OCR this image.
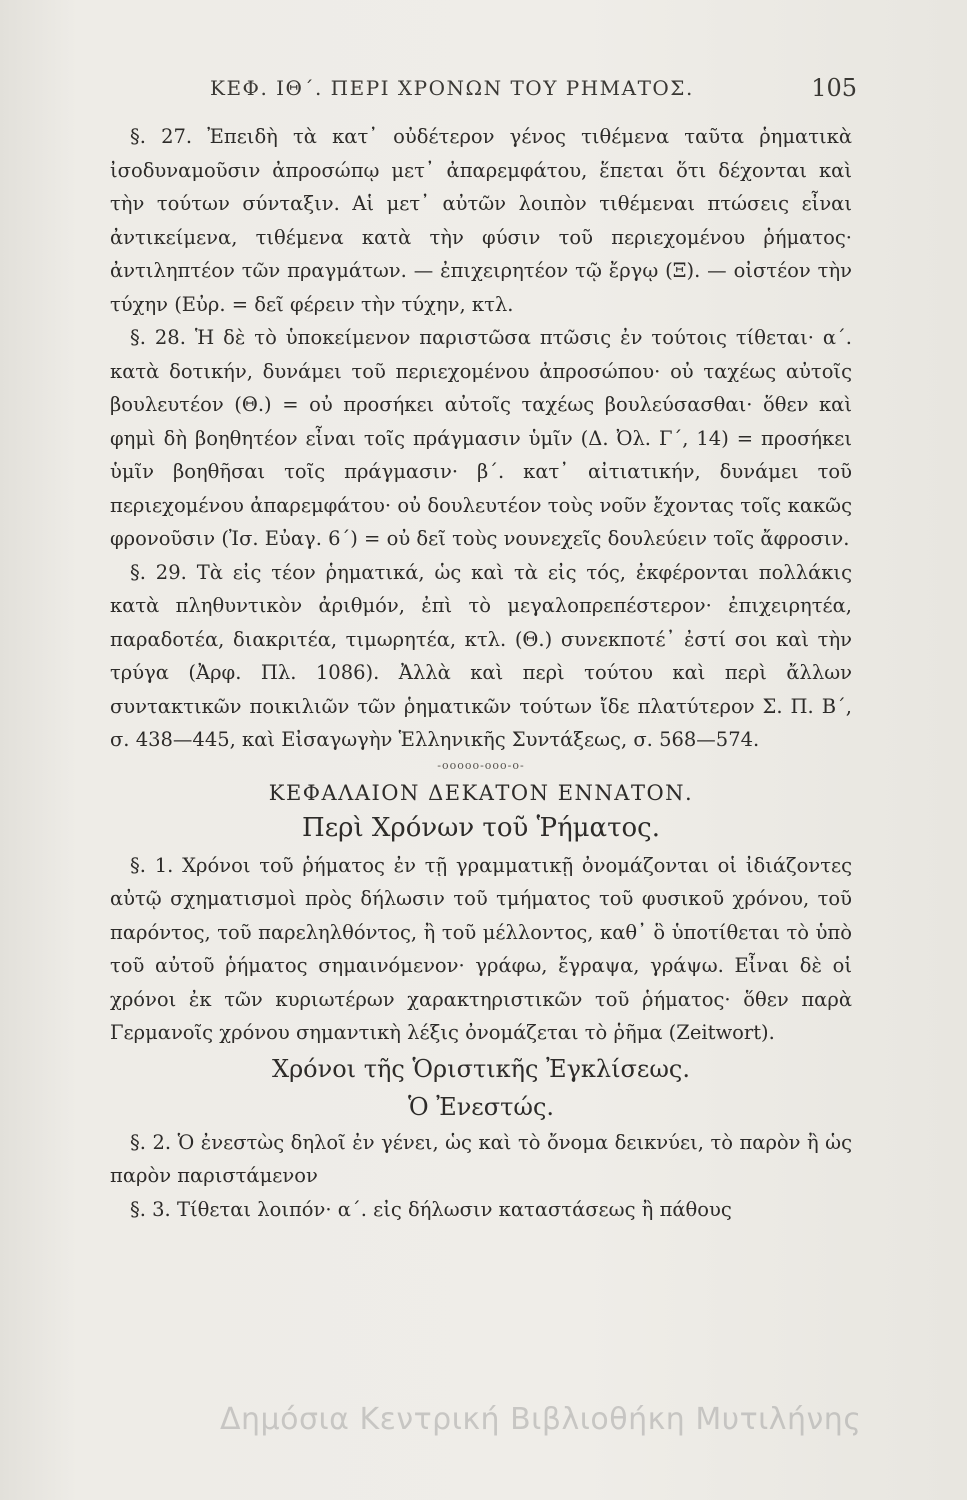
ΚΕΦ. ΙΘ΄. ΠΕΡΙ ΧΡΟΝΩΝ ΤΟΥ ΡΗΜΑΤΟΣ.	105

§. 27. Ἐπειδὴ τὰ κατ᾽ οὐδέτερον γένος τιθέμενα ταῦτα ῥηματικὰ ἰσοδυναμοῦσιν ἀπροσώπῳ μετ᾽ ἀπαρεμφάτου, ἕπεται ὅτι δέχονται καὶ τὴν τούτων σύνταξιν. Αἱ μετ᾽ αὐτῶν λοιπὸν τιθέμεναι πτώσεις εἶναι ἀντικείμενα, τιθέμενα κατὰ τὴν φύσιν τοῦ περιεχομένου ῥήματος· ἀντιληπτέον τῶν πραγμάτων. — ἐπιχειρητέον τῷ ἔργῳ (Ξ). — οἰστέον τὴν τύχην (Εὐρ. = δεῖ φέρειν τὴν τύχην, κτλ.

§. 28. Ἡ δὲ τὸ ὑποκείμενον παριστῶσα πτῶσις ἐν τούτοις τίθεται· α΄. κατὰ δοτικήν, δυνάμει τοῦ περιεχομένου ἀπροσώπου· οὐ ταχέως αὐτοῖς βουλευτέον (Θ.) = οὐ προσήκει αὐτοῖς ταχέως βουλεύσασθαι· ὅθεν καὶ φημὶ δὴ βοηθητέον εἶναι τοῖς πράγμασιν ὑμῖν (Δ. Ὀλ. Γ΄, 14) = προσήκει ὑμῖν βοηθῆσαι τοῖς πράγμασιν· β΄. κατ᾽ αἰτιατικήν, δυνάμει τοῦ περιεχομένου ἀπαρεμφάτου· οὐ δουλευτέον τοὺς νοῦν ἔχοντας τοῖς κακῶς φρονοῦσιν (Ἰσ. Εὐαγ. 6΄) = οὐ δεῖ τοὺς νουνεχεῖς δουλεύειν τοῖς ἄφροσιν.

§. 29. Τὰ εἰς τέον ῥηματικά, ὡς καὶ τὰ εἰς τός, ἐκφέρονται πολλάκις κατὰ πληθυντικὸν ἀριθμόν, ἐπὶ τὸ μεγαλοπρεπέστερον· ἐπιχειρητέα, παραδοτέα, διακριτέα, τιμωρητέα, κτλ. (Θ.) συνεκποτέ᾽ ἐστί σοι καὶ τὴν τρύγα (Ἀρφ. Πλ. 1086). Ἀλλὰ καὶ περὶ τούτου καὶ περὶ ἄλλων συντακτικῶν ποικιλιῶν τῶν ῥηματικῶν τούτων ἴδε πλατύτερον Σ. Π. Β΄, σ. 438—445, καὶ Εἰσαγωγὴν Ἑλληνικῆς Συντάξεως, σ. 568—574.

-ooooo-ooo-o-
ΚΕΦΑΛΑΙΟΝ ΔΕΚΑΤΟΝ ΕΝΝΑΤΟΝ.
Περὶ Χρόνων τοῦ Ῥήματος.

§. 1. Χρόνοι τοῦ ῥήματος ἐν τῇ γραμματικῇ ὀνομάζονται οἱ ἰδιάζοντες αὐτῷ σχηματισμοὶ πρὸς δήλωσιν τοῦ τμήματος τοῦ φυσικοῦ χρόνου, τοῦ παρόντος, τοῦ παρεληλθόντος, ἢ τοῦ μέλλοντος, καθ᾽ ὃ ὑποτίθεται τὸ ὑπὸ τοῦ αὐτοῦ ῥήματος σημαινόμενον· γράφω, ἔγραψα, γράψω. Εἶναι δὲ οἱ χρόνοι ἐκ τῶν κυριωτέρων χαρακτηριστικῶν τοῦ ῥήματος· ὅθεν παρὰ Γερμανοῖς χρόνου σημαντικὴ λέξις ὀνομάζεται τὸ ῥῆμα (Zeitwort).

Χρόνοι τῆς Ὁριστικῆς Ἐγκλίσεως.
Ὁ Ἐνεστώς.

§. 2. Ὁ ἐνεστὼς δηλοῖ ἐν γένει, ὡς καὶ τὸ ὄνομα δεικνύει, τὸ παρὸν ἢ ὡς παρὸν παριστάμενον

§. 3. Τίθεται λοιπόν· α΄. εἰς δήλωσιν καταστάσεως ἢ πάθους

Δημόσια Κεντρική Βιβλιοθήκη Μυτιλήνης
